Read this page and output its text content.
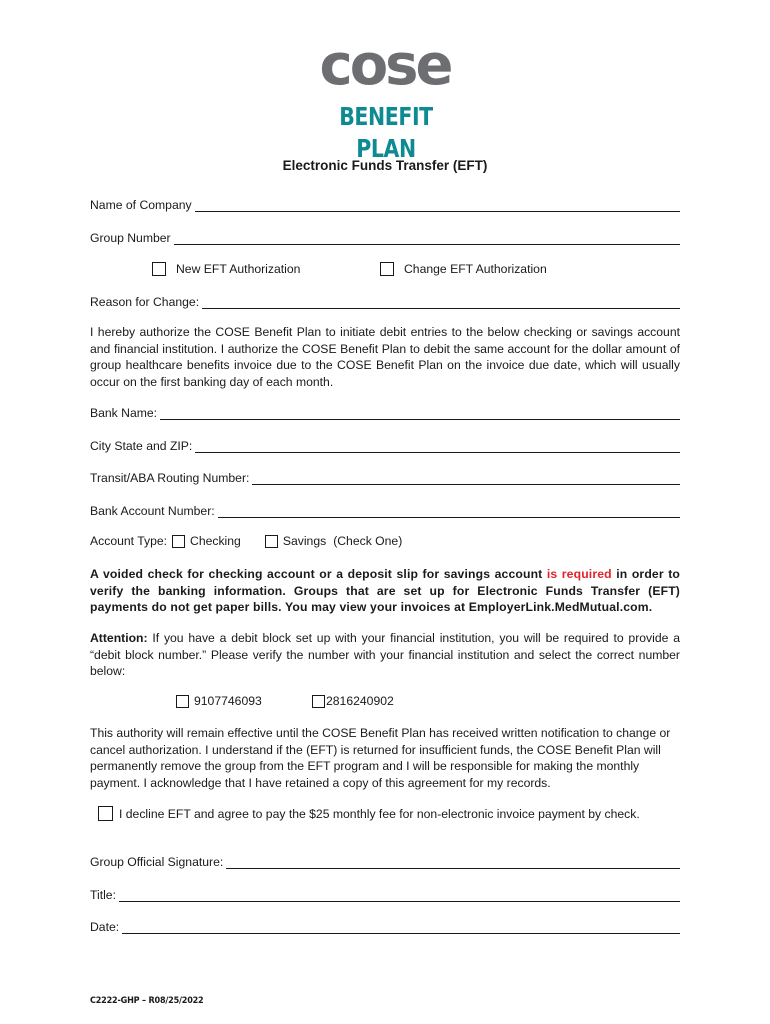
cose
BENEFIT PLAN
Electronic Funds Transfer (EFT)
Name of Company
Group Number
New EFT Authorization	Change EFT Authorization
Reason for Change:
I hereby authorize the COSE Benefit Plan to initiate debit entries to the below checking or savings account and financial institution. I authorize the COSE Benefit Plan to debit the same account for the dollar amount of group healthcare benefits invoice due to the COSE Benefit Plan on the invoice due date, which will usually occur on the first banking day of each month.
Bank Name:
City State and ZIP:
Transit/ABA Routing Number:
Bank Account Number:
Account Type: Checking	Savings (Check One)
A voided check for checking account or a deposit slip for savings account is required in order to verify the banking information. Groups that are set up for Electronic Funds Transfer (EFT) payments do not get paper bills. You may view your invoices at EmployerLink.MedMutual.com.
Attention: If you have a debit block set up with your financial institution, you will be required to provide a “debit block number.” Please verify the number with your financial institution and select the correct number below:
9107746093	2816240902
This authority will remain effective until the COSE Benefit Plan has received written notification to change or cancel authorization. I understand if the (EFT) is returned for insufficient funds, the COSE Benefit Plan will permanently remove the group from the EFT program and I will be responsible for making the monthly payment. I acknowledge that I have retained a copy of this agreement for my records.
I decline EFT and agree to pay the $25 monthly fee for non-electronic invoice payment by check.
Group Official Signature:
Title:
Date:
C2222-GHP – R08/25/2022
